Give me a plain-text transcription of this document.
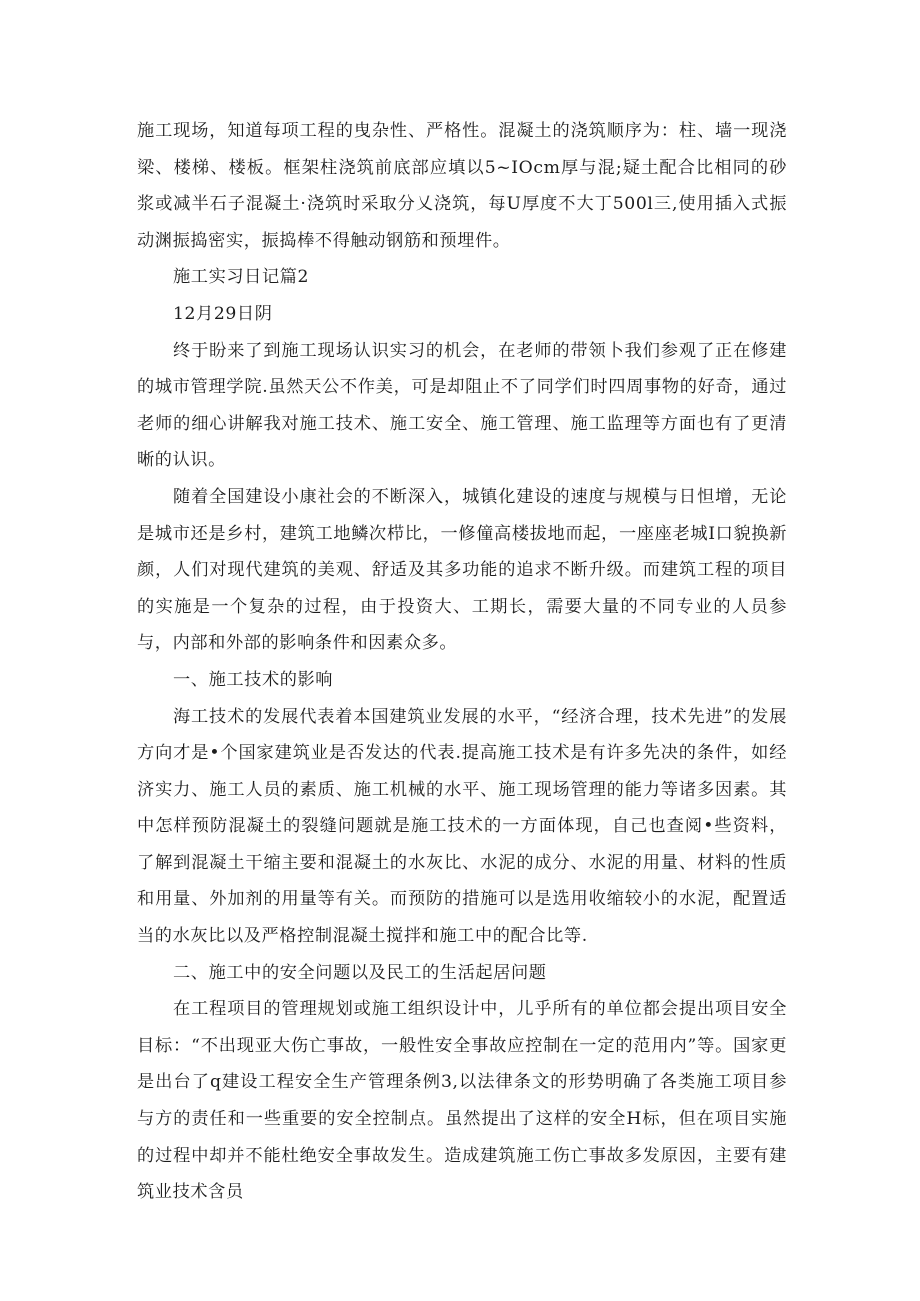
施工现场，知道每项工程的曳杂性、严格性。混凝土的浇筑顺序为：柱、墙一现浇梁、楼梯、楼板。框架柱浇筑前底部应填以5~IOcm厚与混;疑土配合比相同的砂浆或减半石子混凝土·浇筑时采取分乂浇筑，每U厚度不大丁500l三,使用插入式振动渊振捣密实，振捣棒不得触动钢筋和预埋件。

施工实习日记篇2

12月29日阴

终于盼来了到施工现场认识实习的机会，在老师的带领卜我们参观了正在修建的城市管理学院.虽然天公不作美，可是却阻止不了同学们时四周事物的好奇，通过老师的细心讲解我对施工技术、施工安全、施工管理、施工监理等方面也有了更清晰的认识。

随着全国建设小康社会的不断深入，城镇化建设的速度与规模与日怛增，无论是城市还是乡村，建筑工地鳞次栉比，一修僮高楼拔地而起，一座座老城I口貌换新颜，人们对现代建筑的美观、舒适及其多功能的追求不断升级。而建筑工程的项目的实施是一个复杂的过程，由于投资大、工期长，需要大量的不同专业的人员参与，内部和外部的影响条件和因素众多。

一、施工技术的影响

海工技术的发展代表着本国建筑业发展的水平，“经济合理，技术先进”的发展方向才是•个国家建筑业是否发达的代表.提高施工技术是有许多先决的条件，如经济实力、施工人员的素质、施工机械的水平、施工现场管理的能力等诸多因素。其中怎样预防混凝土的裂缝问题就是施工技术的一方面体现，自己也查阅•些资料，了解到混凝土干缩主要和混凝土的水灰比、水泥的成分、水泥的用量、材料的性质和用量、外加剂的用量等有关。而预防的措施可以是选用收缩较小的水泥，配置适当的水灰比以及严格控制混凝土搅拌和施工中的配合比等.

二、施工中的安全问题以及民工的生活起居问题

在工程项目的管理规划或施工组织设计中，儿乎所有的单位都会提出项目安全目标：“不出现亚大伤亡事故，一般性安全事故应控制在一定的范用内”等。国家更是出台了q建设工程安全生产管理条例3,以法律条文的形势明确了各类施工项目参与方的责任和一些重要的安全控制点。虽然提出了这样的安全H标，但在项目实施的过程中却并不能杜绝安全事故发生。造成建筑施工伤亡事故多发原因，主要有建筑业技术含员
